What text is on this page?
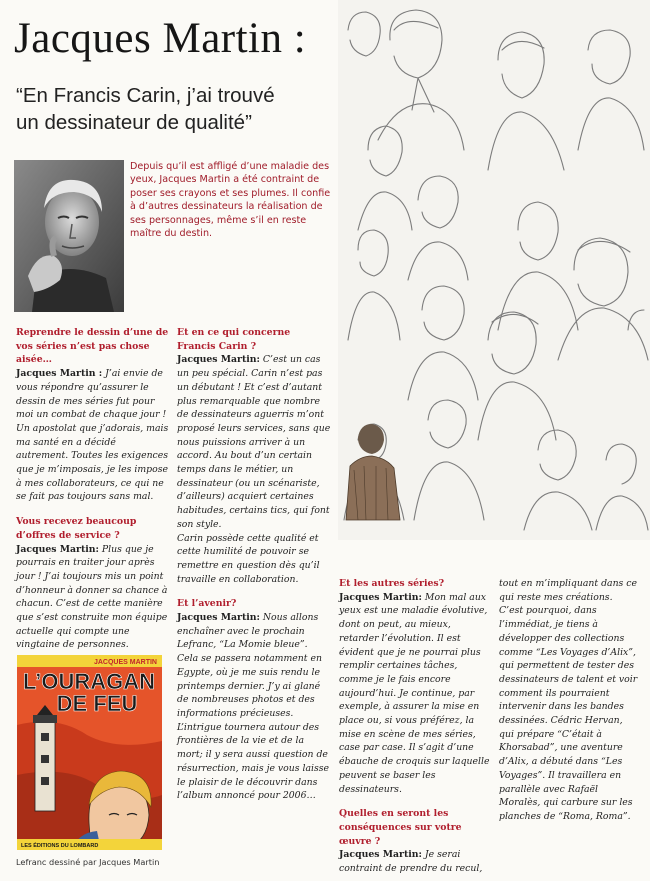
Jacques Martin :
“En Francis Carin, j’ai trouvé
un dessinateur de qualité”

Depuis qu’il est affligé d’une maladie des yeux, Jacques Martin a été contraint de poser ses crayons et ses plumes. Il confie à d’autres dessinateurs la réalisation de ses personnages, même s’il en reste maître du destin.

Reprendre le dessin d’une de vos séries n’est pas chose aisée…

Jacques Martin : J’ai envie de vous répondre qu’assurer le dessin de mes séries fut pour moi un combat de chaque jour !

Un apostolat que j’adorais, mais ma santé en a décidé autrement. Toutes les exigences que je m’imposais, je les impose à mes collaborateurs, ce qui ne se fait pas toujours sans mal.

Vous recevez beaucoup d’offres de service ?

Jacques Martin: Plus que je pourrais en traiter jour après jour ! J’ai toujours mis un point d’honneur à donner sa chance à chacun. C’est de cette manière que s’est construite mon équipe actuelle qui compte une vingtaine de personnes.

Et en ce qui concerne Francis Carin ?

Jacques Martin: C’est un cas un peu spécial. Carin n’est pas un débutant ! Et c’est d’autant plus remarquable que nombre de dessinateurs aguerris m’ont proposé leurs services, sans que nous puissions arriver à un accord. Au bout d’un certain temps dans le métier, un dessinateur (ou un scénariste, d’ailleurs) acquiert certaines habitudes, certains tics, qui font son style.

Carin possède cette qualité et cette humilité de pouvoir se remettre en question dès qu’il travaille en collaboration.

Et l’avenir?

Jacques Martin: Nous allons enchaîner avec le prochain Lefranc, “La Momie bleue”. Cela se passera notamment en Egypte, où je me suis rendu le printemps dernier. J’y ai glané de nombreuses photos et des informations précieuses. L’intrigue tournera autour des frontières de la vie et de la mort; il y sera aussi question de résurrection, mais je vous laisse le plaisir de le découvrir dans l’album annoncé pour 2006…

Et les autres séries?

Jacques Martin: Mon mal aux yeux est une maladie évolutive, dont on peut, au mieux, retarder l’évolution. Il est évident que je ne pourrai plus remplir certaines tâches, comme je le fais encore aujourd’hui. Je continue, par exemple, à assurer la mise en place ou, si vous préférez, la mise en scène de mes séries, case par case. Il s’agit d’une ébauche de croquis sur laquelle peuvent se baser les dessinateurs.

Quelles en seront les conséquences sur votre œuvre ?

Jacques Martin: Je serai contraint de prendre du recul,

tout en m’impliquant dans ce qui reste mes créations. C’est pourquoi, dans l’immédiat, je tiens à développer des collections comme “Les Voyages d’Alix”, qui permettent de tester des dessinateurs de talent et voir comment ils pourraient intervenir dans les bandes dessinées. Cédric Hervan, qui prépare “C’était à Khorsabad”, une aventure d’Alix, a débuté dans “Les Voyages”. Il travaillera en parallèle avec Rafaël Moralès, qui carbure sur les planches de “Roma, Roma”.

JACQUES MARTIN
L’OURAGAN
DE FEU
LES ÉDITIONS DU LOMBARD
Lefranc dessiné par Jacques Martin
